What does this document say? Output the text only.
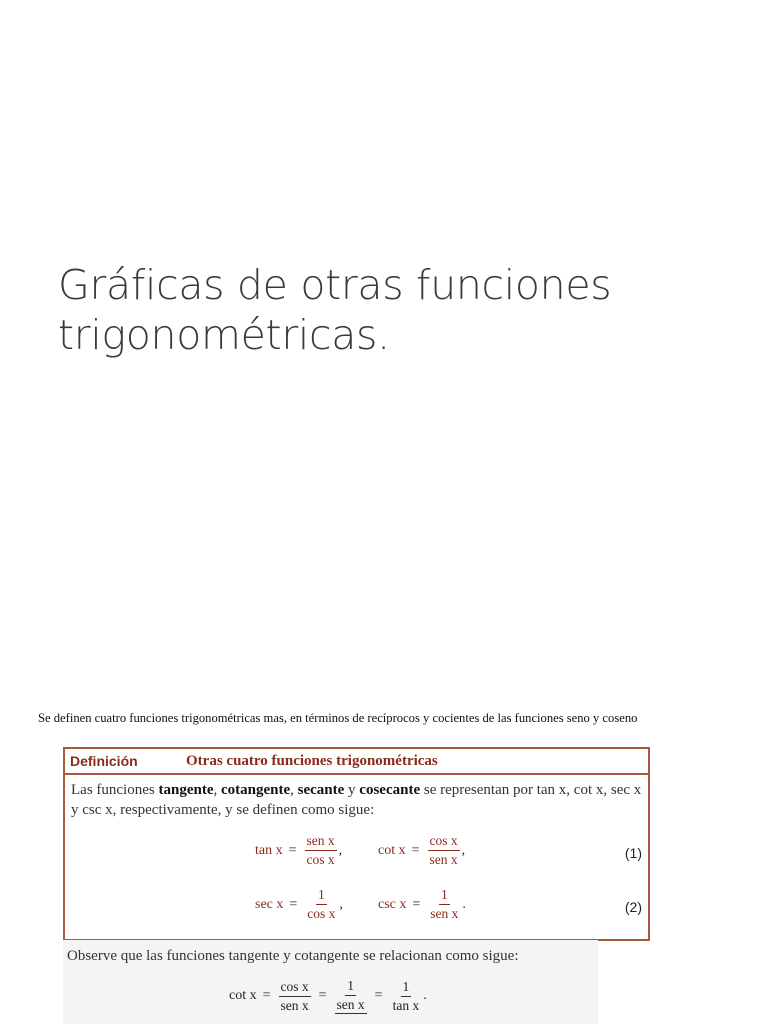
Gráficas de otras funciones
trigonométricas.
Se definen cuatro funciones trigonométricas mas, en términos de recíprocos y cocientes de las funciones seno y coseno
Definición	Otras cuatro funciones trigonométricas
Las funciones tangente, cotangente, secante y cosecante se representan por tan x, cot x, sec x y csc x, respectivamente, y se definen como sigue:
$\tan x = \frac{\text{sen x}}{\text{cos x}}$ ,	$\cot x = \frac{\text{cos x}}{\text{sen x}}$ ,	(1)
$\sec x = \frac{1}{\text{cos x}}$ ,	$\csc x = \frac{1}{\text{sen x}}$ .	(2)
Observe que las funciones tangente y cotangente se relacionan como sigue:
$\cot x = \frac{\text{cos x}}{\text{sen x}} = \frac{1}{\text{sen x}} = \frac{1}{\text{tan x}}$ .
